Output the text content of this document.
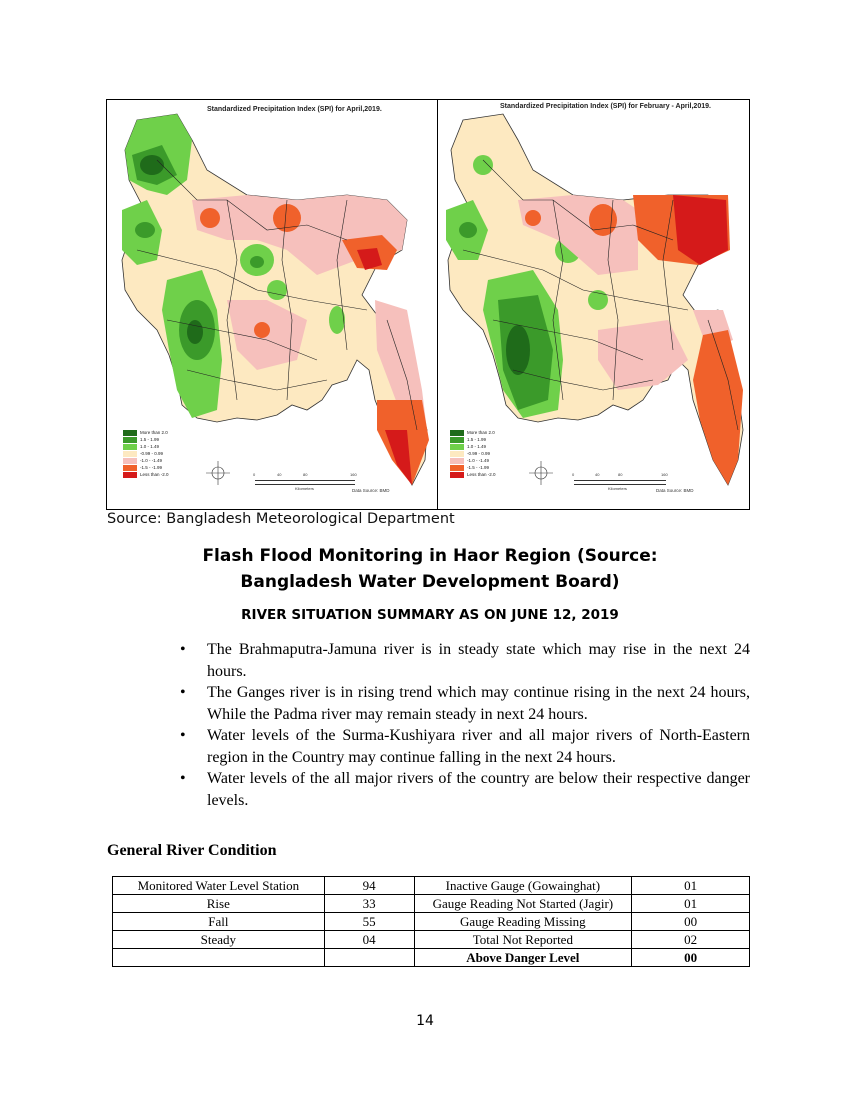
Standardized Precipitation Index (SPI) for April,2019.
More than 2.0
1.5 - 1.99
1.0 - 1.49
-0.99 - 0.99
-1.0 - -1.49
-1.5 - -1.99
Less than -2.0	0	40	80	160
Kilometers	Data Source: BMD
Standardized Precipitation Index (SPI) for February - April,2019.
More than 2.0
1.5 - 1.99
1.0 - 1.49
-0.99 - 0.99
-1.0 - -1.49
-1.5 - -1.99
Less than -2.0	0	40	80	160
Kilometers	Data Source: BMD
Source: Bangladesh Meteorological Department
Flash Flood Monitoring in Haor Region (Source: Bangladesh Water Development Board)
RIVER SITUATION SUMMARY AS ON JUNE 12, 2019
• The Brahmaputra-Jamuna river is in steady state which may rise in the next 24 hours.
• The Ganges river is in rising trend which may continue rising in the next 24 hours, While the Padma river may remain steady in next 24 hours.
• Water levels of the Surma-Kushiyara river and all major rivers of North-Eastern region in the Country may continue falling in the next 24 hours.
• Water levels of the all major rivers of the country are below their respective danger levels.
General River Condition
Monitored Water Level Station	94	Inactive Gauge (Gowainghat)	01
Rise	33	Gauge Reading Not Started (Jagir)	01
Fall	55	Gauge Reading Missing	00
Steady	04	Total Not Reported	02
		Above Danger Level	00
14
